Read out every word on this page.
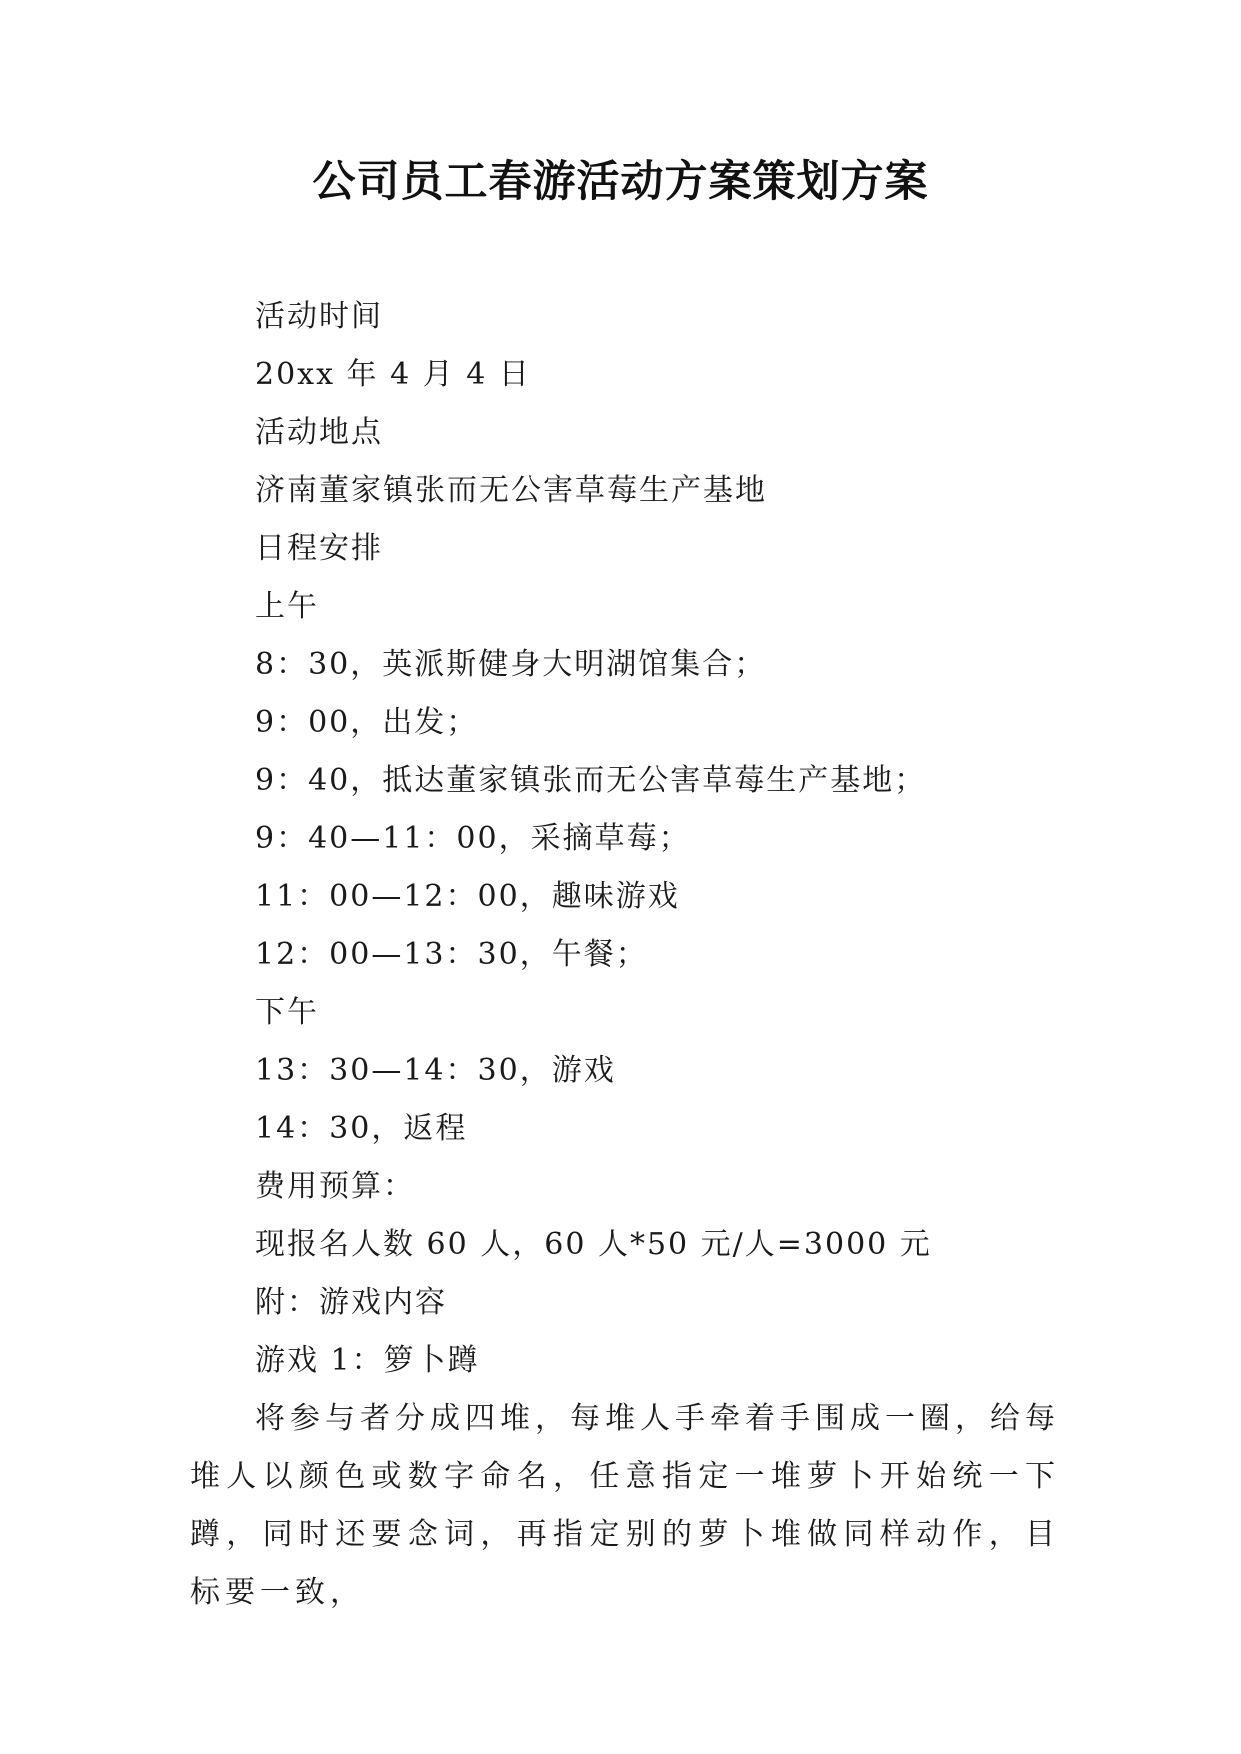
公司员工春游活动方案策划方案
活动时间
20xx 年 4 月 4 日
活动地点
济南董家镇张而无公害草莓生产基地
日程安排
上午
8：30，英派斯健身大明湖馆集合；
9：00，出发；
9：40，抵达董家镇张而无公害草莓生产基地；
9：40—11：00，采摘草莓；
11：00—12：00，趣味游戏
12：00—13：30，午餐；
下午
13：30—14：30，游戏
14：30，返程
费用预算：
现报名人数 60 人，60 人*50 元/人=3000 元
附：游戏内容
游戏 1：箩卜蹲

将参与者分成四堆，每堆人手牵着手围成一圈，给每堆人以颜色或数字命名，任意指定一堆萝卜开始统一下蹲，同时还要念词，再指定别的萝卜堆做同样动作，目标要一致，
